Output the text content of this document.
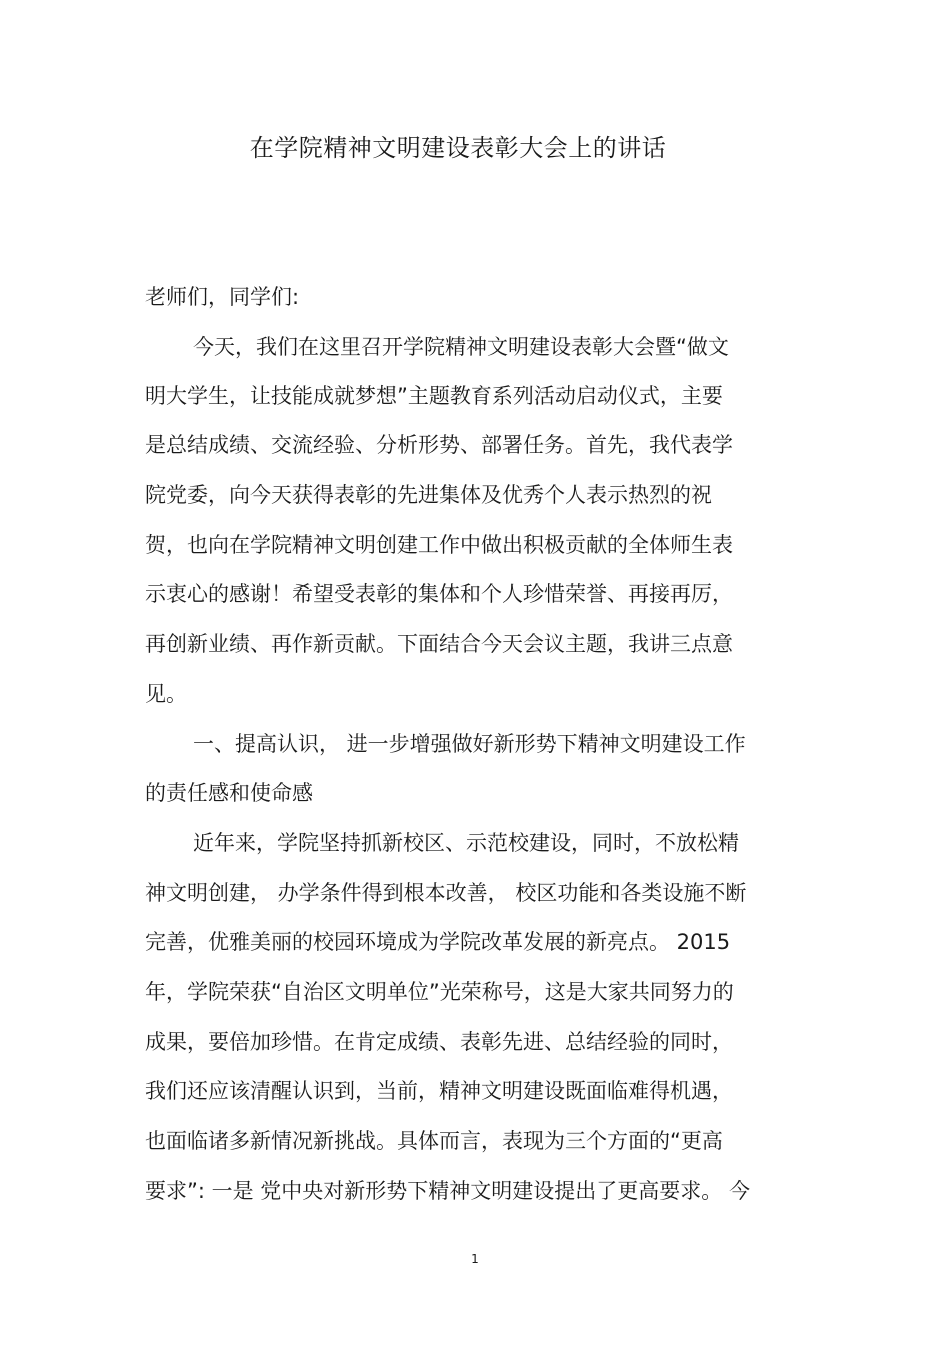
在学院精神文明建设表彰大会上的讲话

老师们，同学们:

今天，我们在这里召开学院精神文明建设表彰大会暨“做文

明大学生，让技能成就梦想”主题教育系列活动启动仪式，主要

是总结成绩、交流经验、分析形势、部署任务。首先，我代表学

院党委，向今天获得表彰的先进集体及优秀个人表示热烈的祝

贺，也向在学院精神文明创建工作中做出积极贡献的全体师生表

示衷心的感谢！希望受表彰的集体和个人珍惜荣誉、再接再厉，

再创新业绩、再作新贡献。下面结合今天会议主题，我讲三点意

见。

一、提高认识， 进一步增强做好新形势下精神文明建设工作

的责任感和使命感

近年来，学院坚持抓新校区、示范校建设，同时，不放松精

神文明创建， 办学条件得到根本改善， 校区功能和各类设施不断

完善，优雅美丽的校园环境成为学院改革发展的新亮点。 2015

年，学院荣获“自治区文明单位”光荣称号，这是大家共同努力的

成果，要倍加珍惜。在肯定成绩、表彰先进、总结经验的同时，

我们还应该清醒认识到，当前，精神文明建设既面临难得机遇，

也面临诸多新情况新挑战。具体而言，表现为三个方面的“更高

要求”: 一是 党中央对新形势下精神文明建设提出了更高要求。 今

1
